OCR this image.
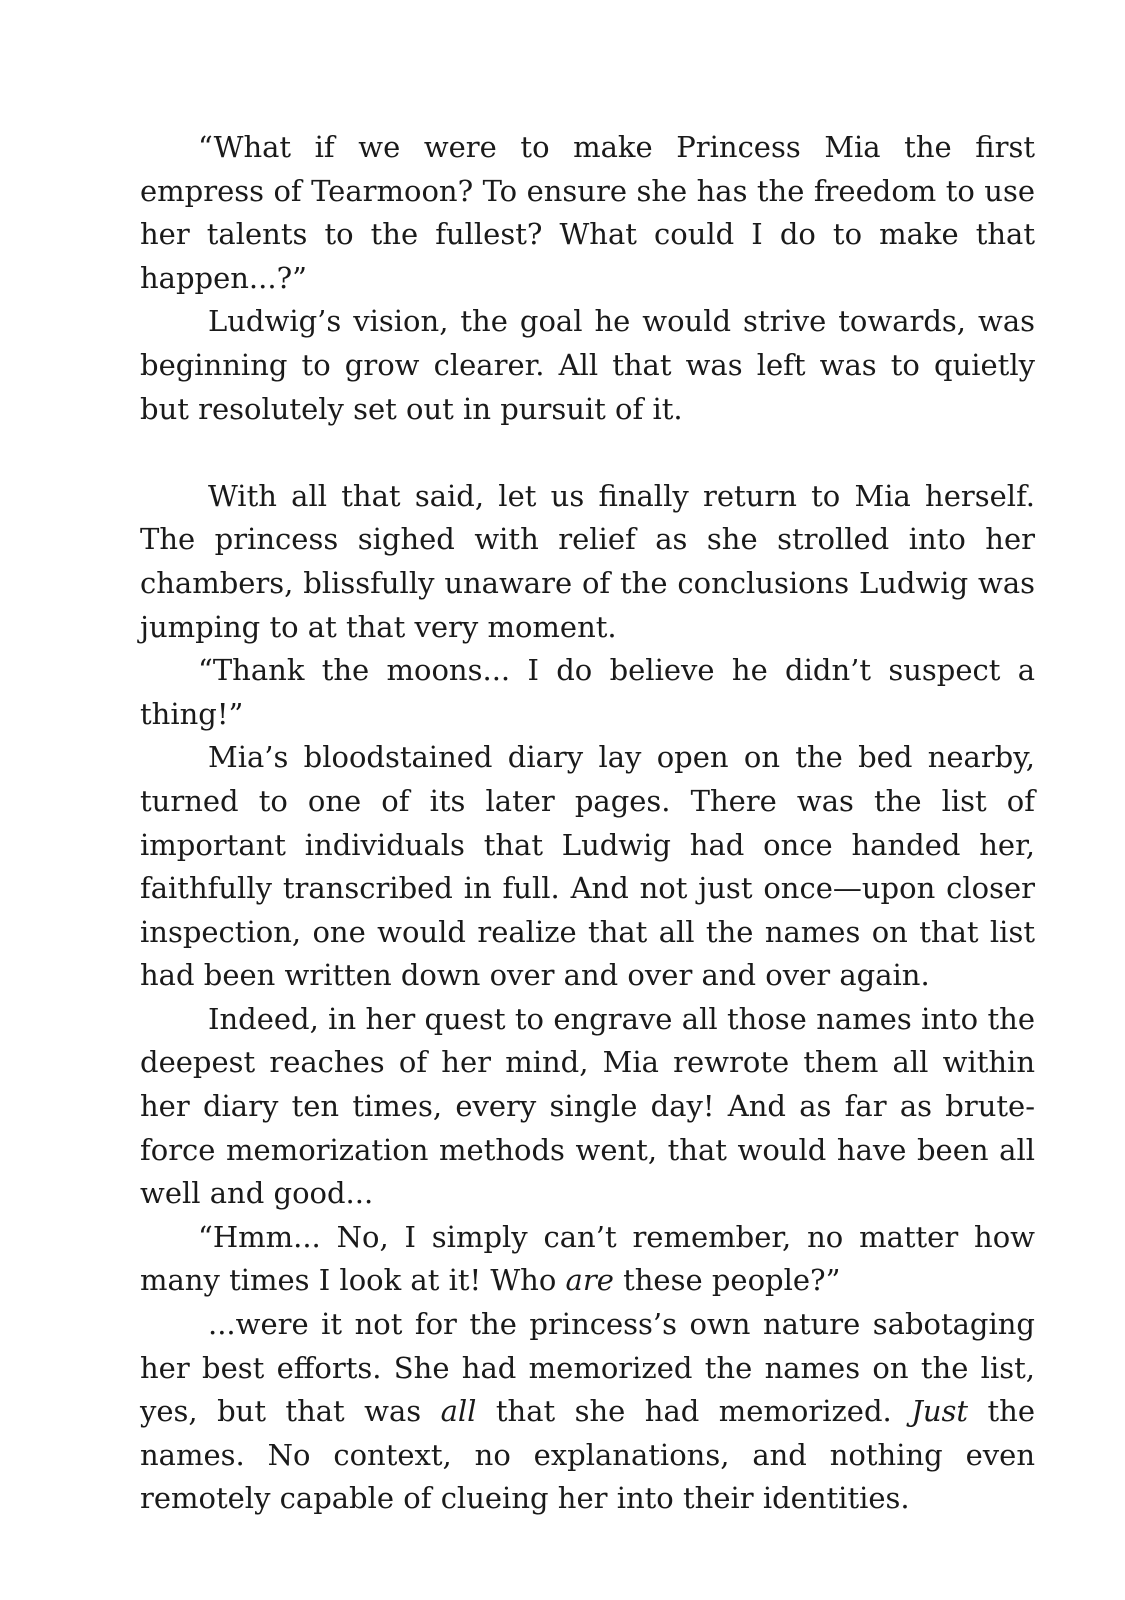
“What if we were to make Princess Mia the first empress of Tearmoon? To ensure she has the freedom to use her talents to the fullest? What could I do to make that happen...?”

Ludwig’s vision, the goal he would strive towards, was beginning to grow clearer. All that was left was to quietly but resolutely set out in pursuit of it.

With all that said, let us finally return to Mia herself. The princess sighed with relief as she strolled into her chambers, blissfully unaware of the conclusions Ludwig was jumping to at that very moment.

“Thank the moons... I do believe he didn’t suspect a thing!”

Mia’s bloodstained diary lay open on the bed nearby, turned to one of its later pages. There was the list of important individuals that Ludwig had once handed her, faithfully transcribed in full. And not just once—upon closer inspection, one would realize that all the names on that list had been written down over and over and over again.

Indeed, in her quest to engrave all those names into the deepest reaches of her mind, Mia rewrote them all within her diary ten times, every single day! And as far as brute-force memorization methods went, that would have been all well and good...

“Hmm... No, I simply can’t remember, no matter how many times I look at it! Who are these people?”

...were it not for the princess’s own nature sabotaging her best efforts. She had memorized the names on the list, yes, but that was all that she had memorized. Just the names. No context, no explanations, and nothing even remotely capable of clueing her into their identities.
